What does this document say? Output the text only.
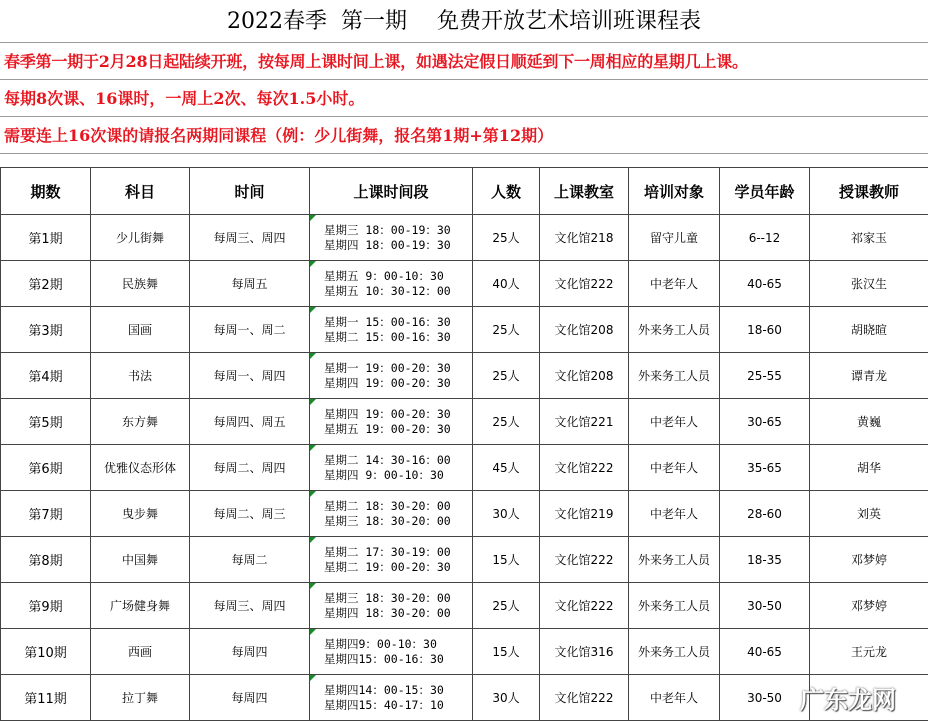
2022春季 第一期 免费开放艺术培训班课程表
春季第一期于2月28日起陆续开班，按每周上课时间上课，如遇法定假日顺延到下一周相应的星期几上课。
每期8次课、16课时，一周上2次、每次1.5小时。
需要连上16次课的请报名两期同课程（例：少儿街舞，报名第1期+第12期）
期数	科目	时间	上课时间段	人数	上课教室	培训对象	学员年龄	授课教师
第1期	少儿街舞	每周三、周四	星期三 18：00-19：30
星期四 18：00-19：30	25人	文化馆218	留守儿童	6--12	祁家玉
第2期	民族舞	每周五	星期五 9：00-10：30
星期五 10：30-12：00	40人	文化馆222	中老年人	40-65	张汉生
第3期	国画	每周一、周二	星期一 15：00-16：30
星期二 15：00-16：30	25人	文化馆208	外来务工人员	18-60	胡晓暄
第4期	书法	每周一、周四	星期一 19：00-20：30
星期四 19：00-20：30	25人	文化馆208	外来务工人员	25-55	谭青龙
第5期	东方舞	每周四、周五	星期四 19：00-20：30
星期五 19：00-20：30	25人	文化馆221	中老年人	30-65	黄巍
第6期	优雅仪态形体	每周二、周四	星期二 14：30-16：00
星期四 9：00-10：30	45人	文化馆222	中老年人	35-65	胡华
第7期	曳步舞	每周二、周三	星期二 18：30-20：00
星期三 18：30-20：00	30人	文化馆219	中老年人	28-60	刘英
第8期	中国舞	每周二	星期二 17：30-19：00
星期二 19：00-20：30	15人	文化馆222	外来务工人员	18-35	邓梦婷
第9期	广场健身舞	每周三、周四	星期三 18：30-20：00
星期四 18：30-20：00	25人	文化馆222	外来务工人员	30-50	邓梦婷
第10期	西画	每周四	星期四9：00-10：30
星期四15：00-16：30	15人	文化馆316	外来务工人员	40-65	王元龙
第11期	拉丁舞	每周四	星期四14：00-15：30
星期四15：40-17：10	30人	文化馆222	中老年人	30-50	广东龙网
